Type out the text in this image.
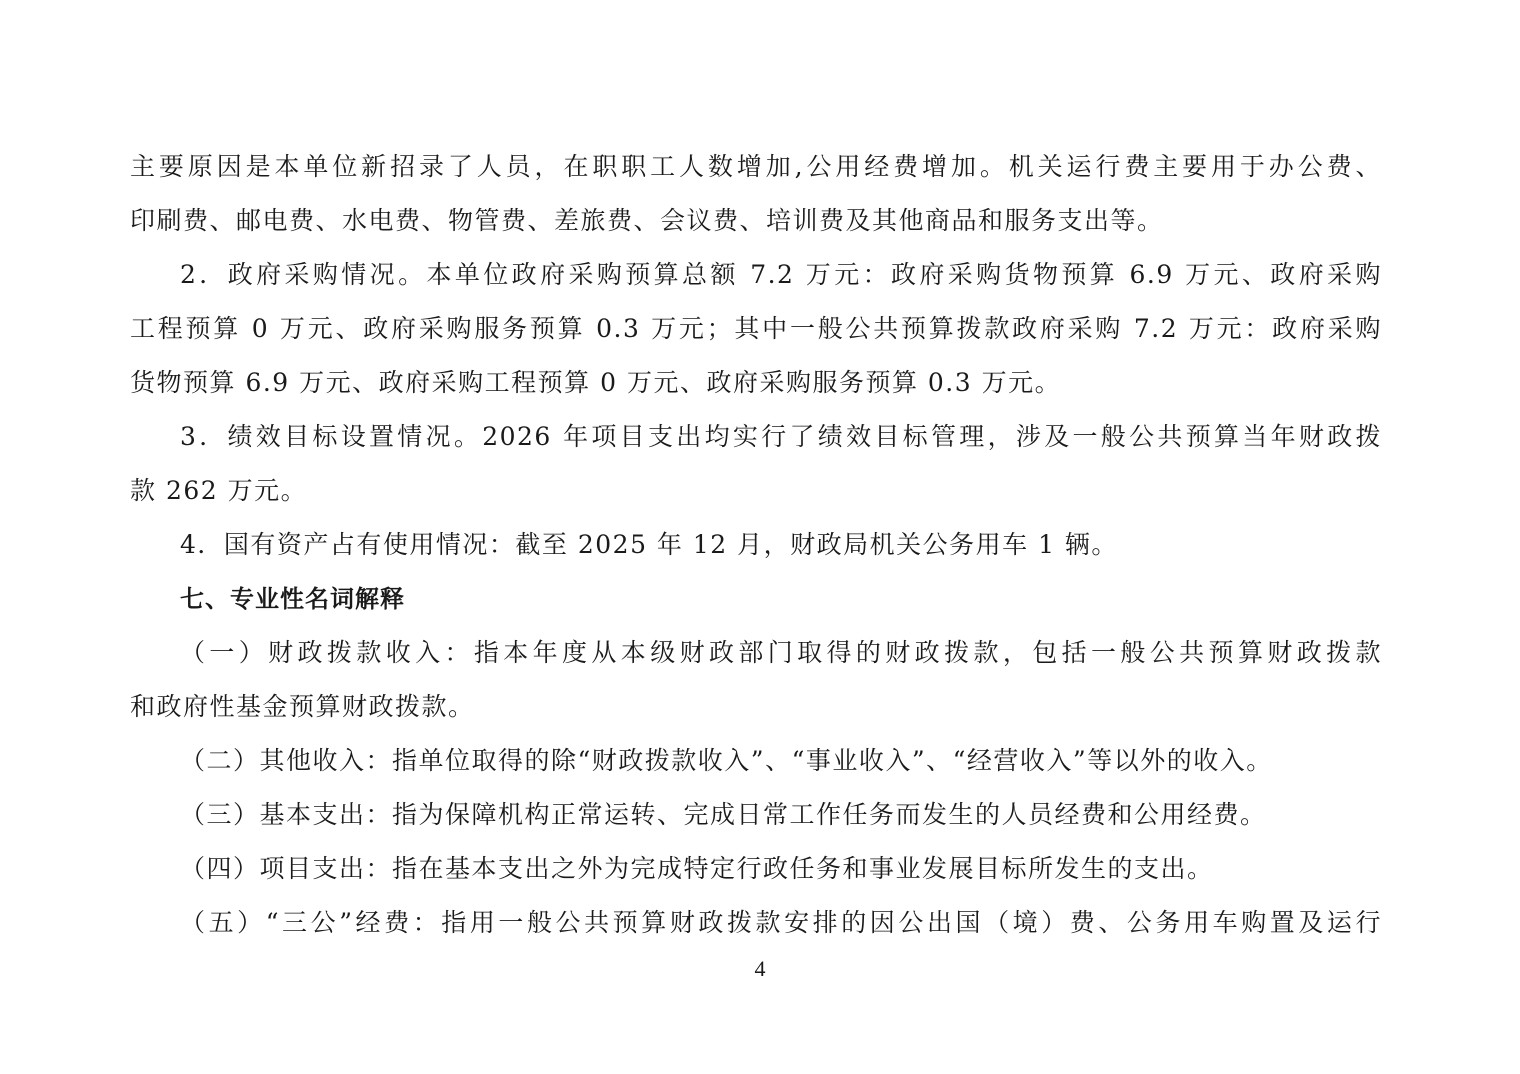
主要原因是本单位新招录了人员，在职职工人数增加,公用经费增加。机关运行费主要用于办公费、
印刷费、邮电费、水电费、物管费、差旅费、会议费、培训费及其他商品和服务支出等。
2．政府采购情况。本单位政府采购预算总额 7.2 万元：政府采购货物预算 6.9 万元、政府采购
工程预算 0 万元、政府采购服务预算 0.3 万元；其中一般公共预算拨款政府采购 7.2 万元：政府采购
货物预算 6.9 万元、政府采购工程预算 0 万元、政府采购服务预算 0.3 万元。
3．绩效目标设置情况。2026 年项目支出均实行了绩效目标管理，涉及一般公共预算当年财政拨
款 262 万元。
4．国有资产占有使用情况：截至 2025 年 12 月，财政局机关公务用车 1 辆。
七、专业性名词解释
（一）财政拨款收入：指本年度从本级财政部门取得的财政拨款，包括一般公共预算财政拨款
和政府性基金预算财政拨款。
（二）其他收入：指单位取得的除“财政拨款收入”、“事业收入”、“经营收入”等以外的收入。
（三）基本支出：指为保障机构正常运转、完成日常工作任务而发生的人员经费和公用经费。
（四）项目支出：指在基本支出之外为完成特定行政任务和事业发展目标所发生的支出。
（五）“三公”经费：指用一般公共预算财政拨款安排的因公出国（境）费、公务用车购置及运行
4
